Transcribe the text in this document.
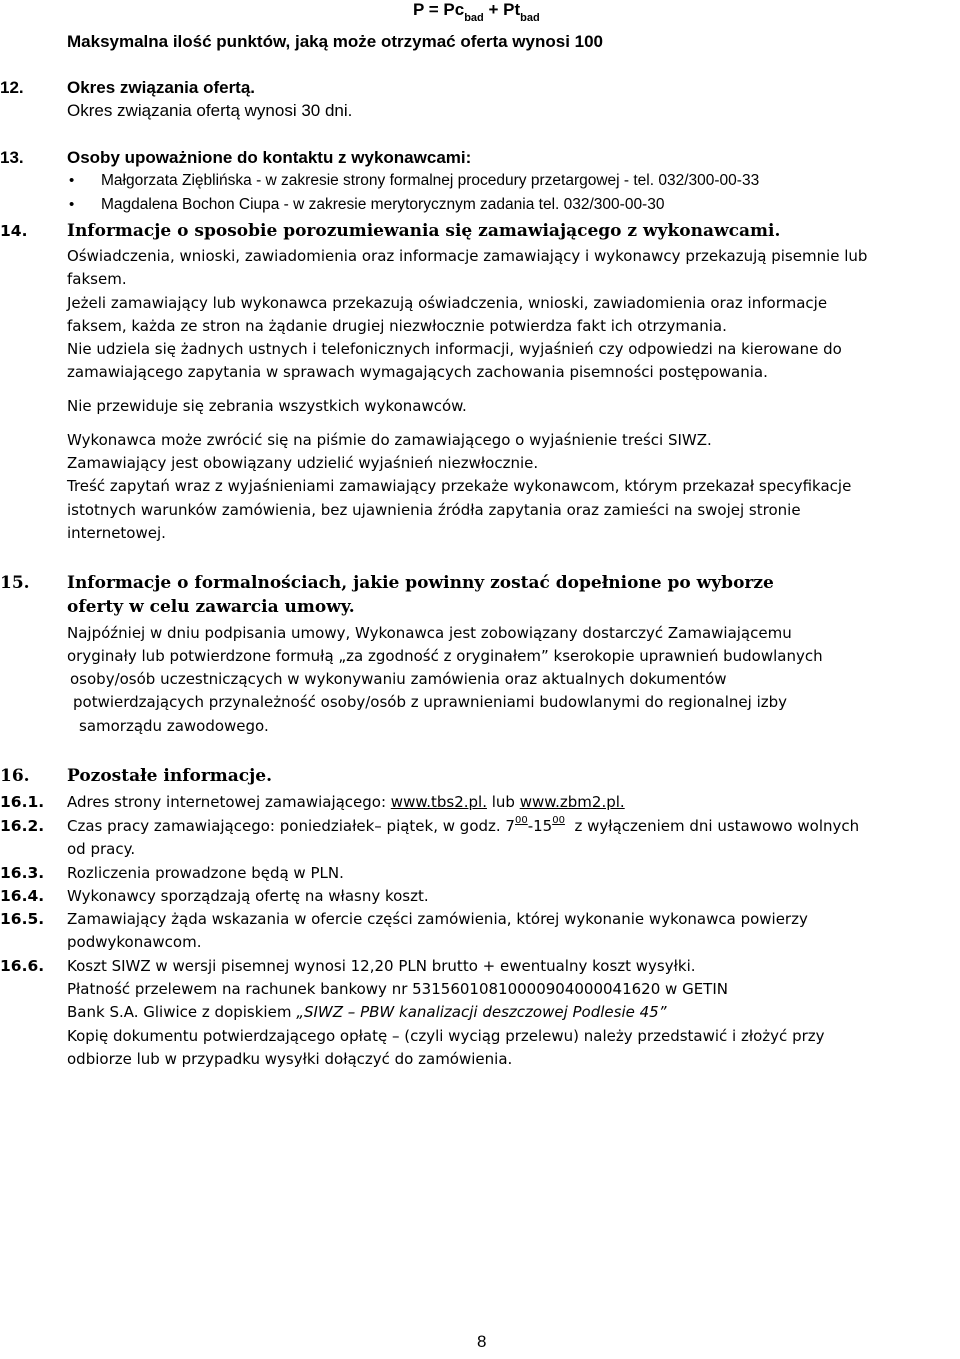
$P = Pc_{bad} + Pt_{bad}$
Maksymalna ilość punktów, jaką może otrzymać oferta wynosi 100
12.	Okres związania ofertą.
Okres związania ofertą wynosi 30 dni.
13.	Osoby upoważnione do kontaktu z wykonawcami:
• Małgorzata Zięblińska - w zakresie strony formalnej procedury przetargowej - tel. 032/300-00-33
• Magdalena Bochon Ciupa - w zakresie merytorycznym zadania tel. 032/300-00-30
14. Informacje o sposobie porozumiewania się zamawiającego z wykonawcami.
Oświadczenia, wnioski, zawiadomienia oraz informacje zamawiający i wykonawcy przekazują pisemnie lub
faksem.
Jeżeli zamawiający lub wykonawca przekazują oświadczenia, wnioski, zawiadomienia oraz informacje
faksem, każda ze stron na żądanie drugiej niezwłocznie potwierdza fakt ich otrzymania.
Nie udziela się żadnych ustnych i telefonicznych informacji, wyjaśnień czy odpowiedzi na kierowane do
zamawiającego zapytania w sprawach wymagających zachowania pisemności postępowania.
Nie przewiduje się zebrania wszystkich wykonawców.
Wykonawca może zwrócić się na piśmie do zamawiającego o wyjaśnienie treści SIWZ.
Zamawiający jest obowiązany udzielić wyjaśnień niezwłocznie.
Treść zapytań wraz z wyjaśnieniami zamawiający przekaże wykonawcom, którym przekazał specyfikacje
istotnych warunków zamówienia, bez ujawnienia źródła zapytania oraz zamieści na swojej stronie
internetowej.
15. Informacje o formalnościach, jakie powinny zostać dopełnione po wyborze
oferty w celu zawarcia umowy.
Najpóźniej w dniu podpisania umowy, Wykonawca jest zobowiązany dostarczyć Zamawiającemu
oryginały lub potwierdzone formułą „za zgodność z oryginałem” kserokopie uprawnień budowlanych
osoby/osób uczestniczących w wykonywaniu zamówienia oraz aktualnych dokumentów
potwierdzających przynależność osoby/osób z uprawnieniami budowlanymi do regionalnej izby
samorządu zawodowego.
16. Pozostałe informacje.
16.1. Adres strony internetowej zamawiającego: www.tbs2.pl. lub www.zbm2.pl.
16.2. Czas pracy zamawiającego: poniedziałek– piątek, w godz. $7^{00}-15^{00}$  z wyłączeniem dni ustawowo wolnych
od pracy.
16.3. Rozliczenia prowadzone będą w PLN.
16.4. Wykonawcy sporządzają ofertę na własny koszt.
16.5. Zamawiający żąda wskazania w ofercie części zamówienia, której wykonanie wykonawca powierzy
podwykonawcom.
16.6. Koszt SIWZ w wersji pisemnej wynosi 12,20 PLN brutto + ewentualny koszt wysyłki.
Płatność przelewem na rachunek bankowy nr 53156010810000904000041620 w GETIN
Bank S.A. Gliwice z dopiskiem „SIWZ – PBW kanalizacji deszczowej Podlesie 45”
Kopię dokumentu potwierdzającego opłatę – (czyli wyciąg przelewu) należy przedstawić i złożyć przy
odbiorze lub w przypadku wysyłki dołączyć do zamówienia.
8
